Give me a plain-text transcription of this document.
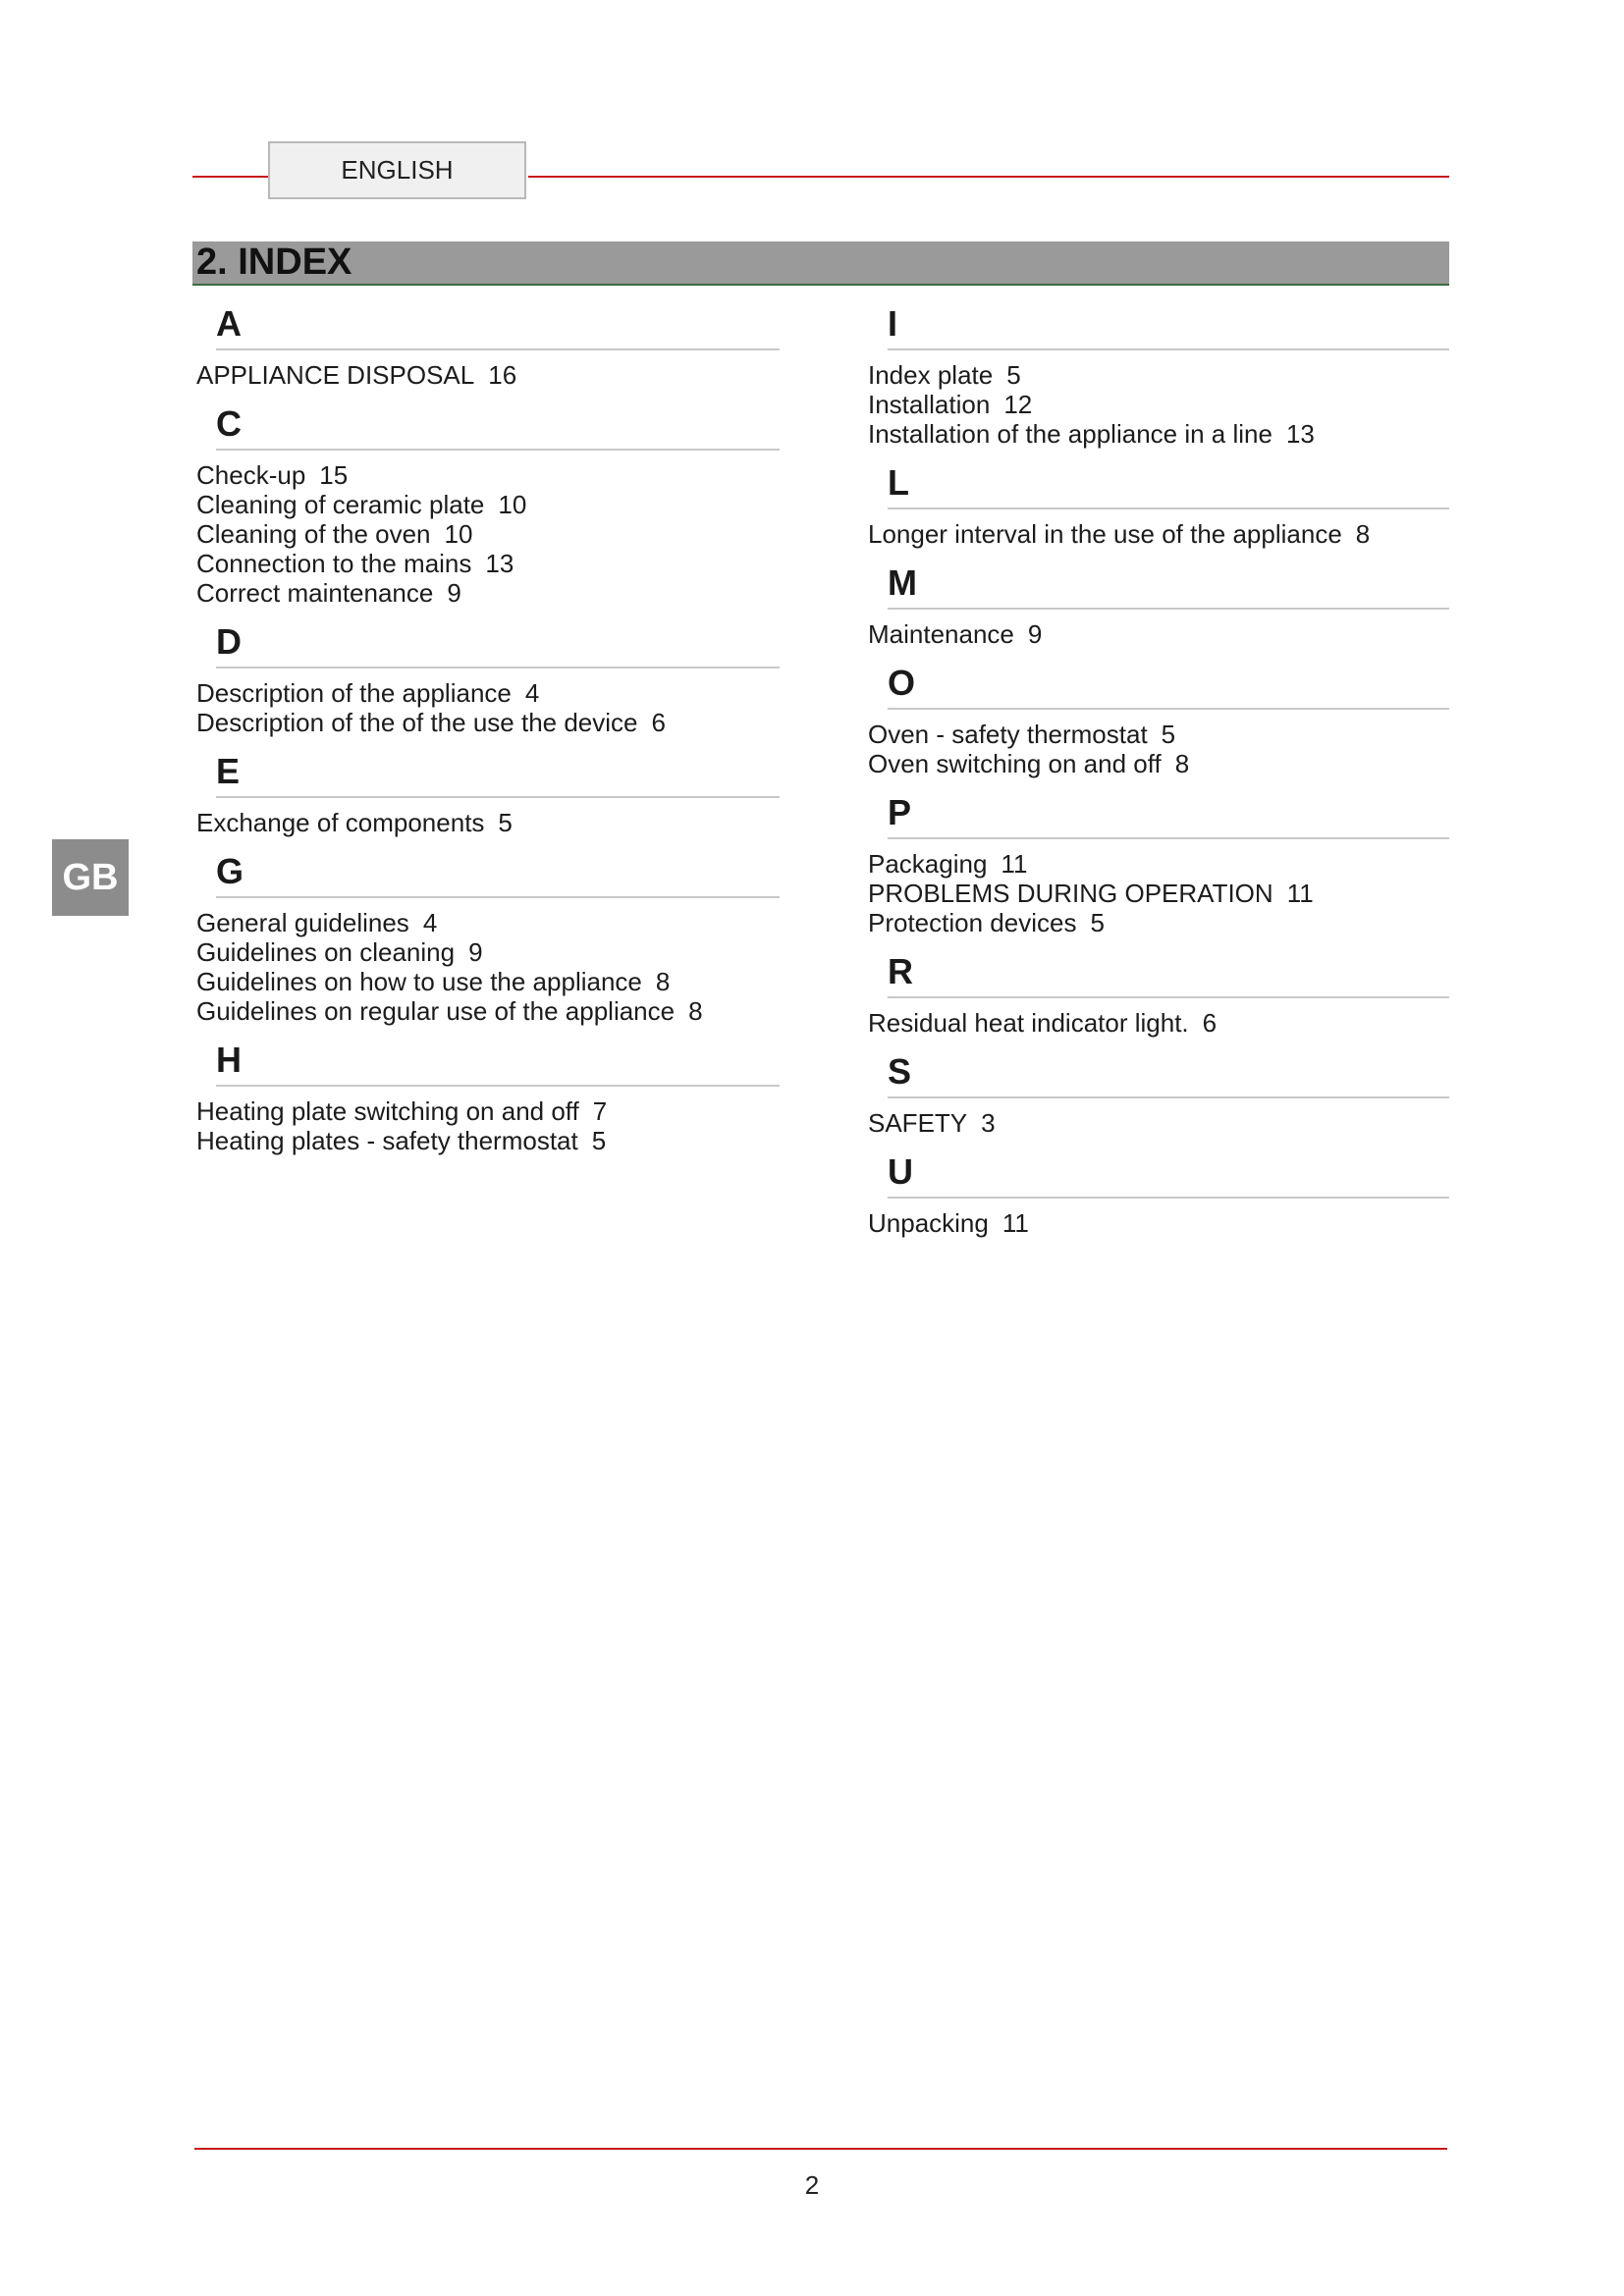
ENGLISH
2. INDEX
GB
A
APPLIANCE DISPOSAL 16
C
Check-up 15
Cleaning of ceramic plate 10
Cleaning of the oven 10
Connection to the mains 13
Correct maintenance 9
D
Description of the appliance 4
Description of the of the use the device 6
E
Exchange of components 5
G
General guidelines 4
Guidelines on cleaning 9
Guidelines on how to use the appliance 8
Guidelines on regular use of the appliance 8
H
Heating plate switching on and off 7
Heating plates - safety thermostat 5
I
Index plate 5
Installation 12
Installation of the appliance in a line 13
L
Longer interval in the use of the appliance 8
M
Maintenance 9
O
Oven - safety thermostat 5
Oven switching on and off 8
P
Packaging 11
PROBLEMS DURING OPERATION 11
Protection devices 5
R
Residual heat indicator light. 6
S
SAFETY 3
U
Unpacking 11
2
